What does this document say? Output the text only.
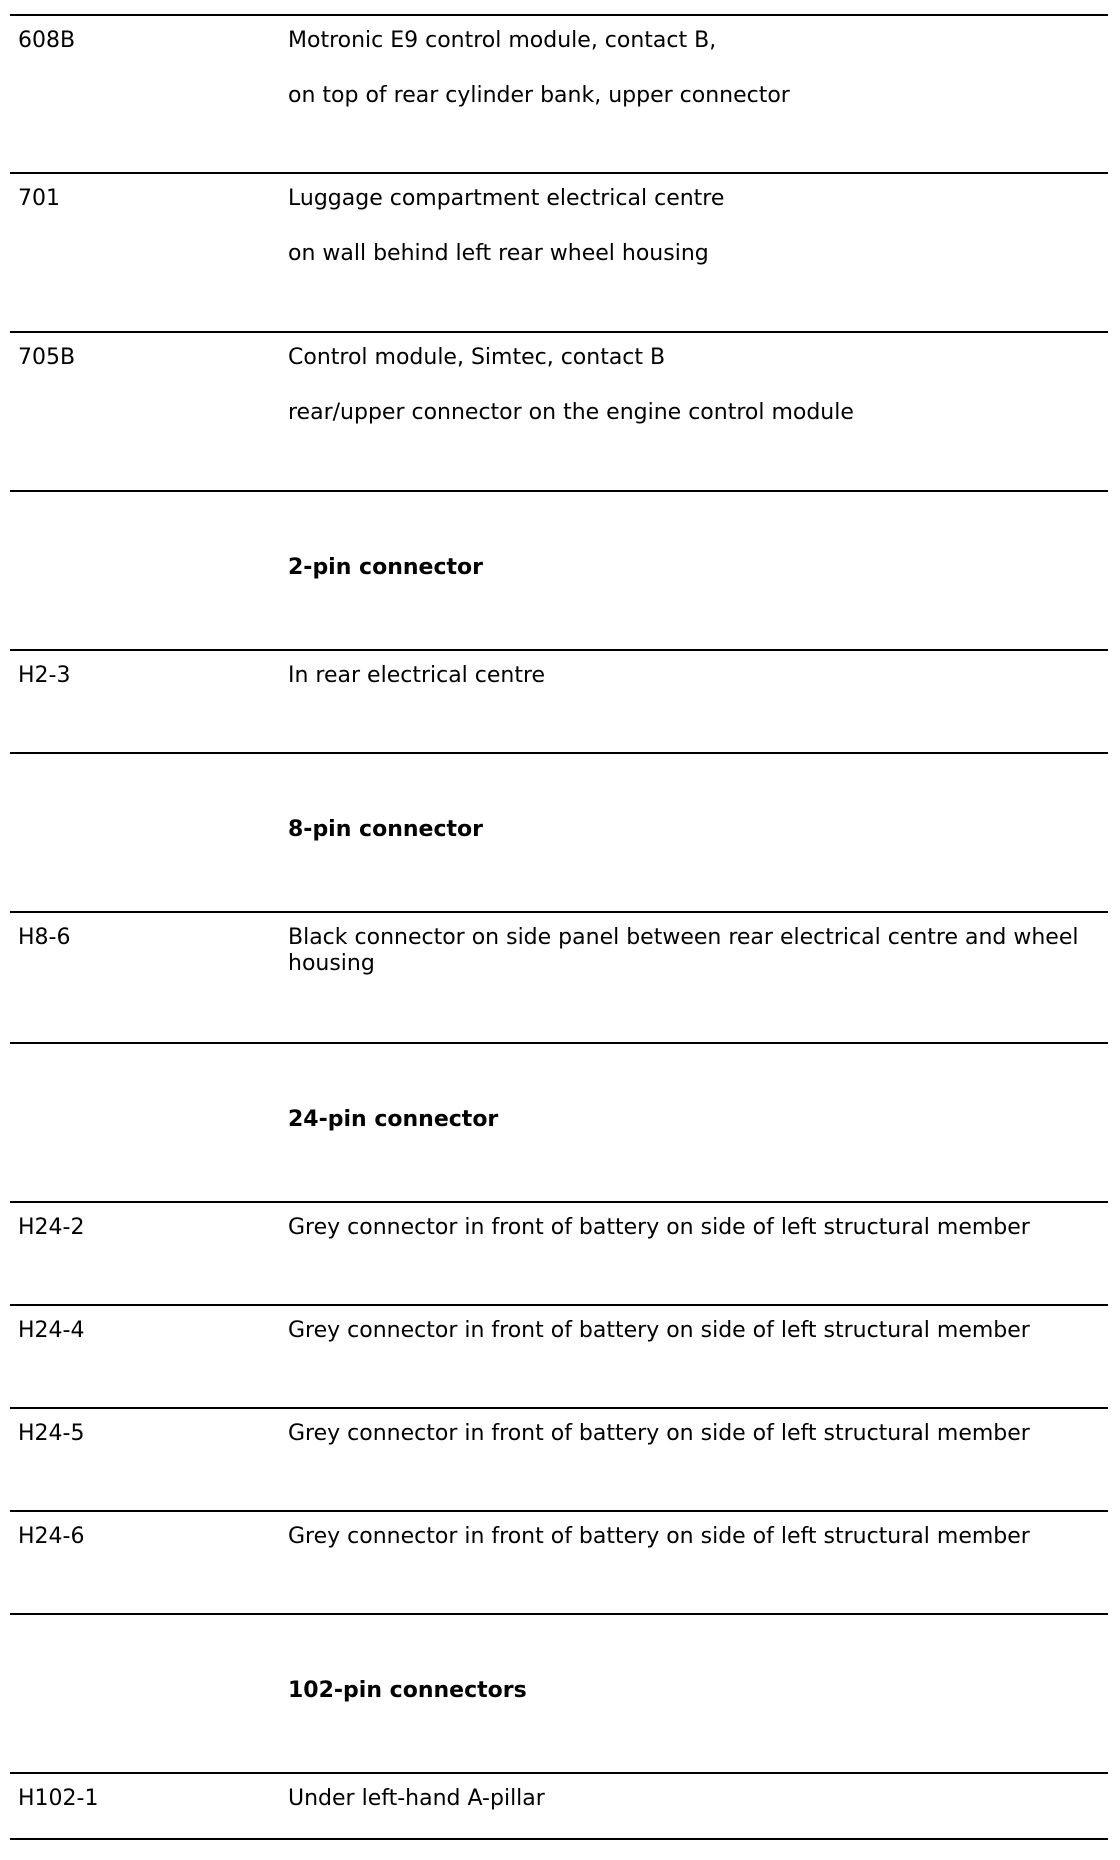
608B	Motronic E9 control module, contact B,

on top of rear cylinder bank, upper connector

701	Luggage compartment electrical centre

on wall behind left rear wheel housing

705B	Control module, Simtec, contact B

rear/upper connector on the engine control module

2-pin connector
H2-3	In rear electrical centre

8-pin connector
H8-6	Black connector on side panel between rear electrical centre and wheel housing

24-pin connector
H24-2	Grey connector in front of battery on side of left structural member

H24-4	Grey connector in front of battery on side of left structural member

H24-5	Grey connector in front of battery on side of left structural member

H24-6	Grey connector in front of battery on side of left structural member

102-pin connectors
H102-1	Under left-hand A-pillar
